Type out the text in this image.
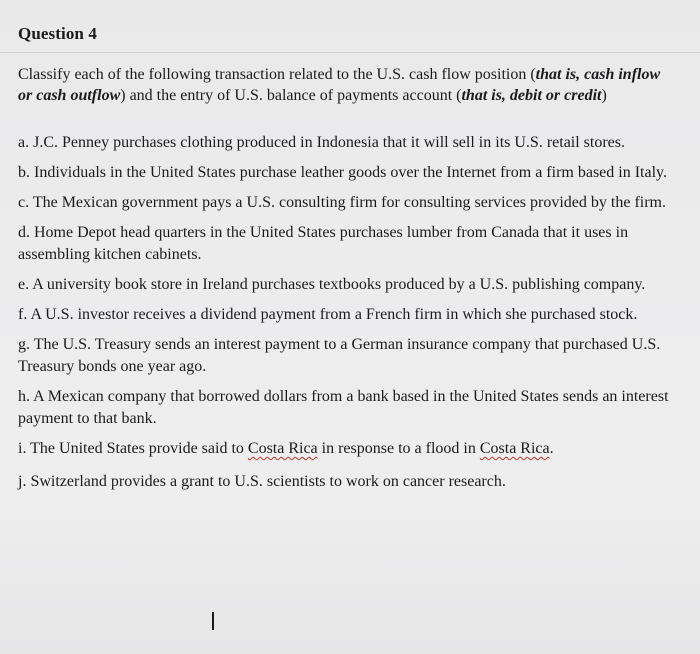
Question 4
Classify each of the following transaction related to the U.S. cash flow position (that is, cash inflow or cash outflow) and the entry of U.S. balance of payments account (that is, debit or credit)
a. J.C. Penney purchases clothing produced in Indonesia that it will sell in its U.S. retail stores.
b. Individuals in the United States purchase leather goods over the Internet from a firm based in Italy.
c. The Mexican government pays a U.S. consulting firm for consulting services provided by the firm.
d. Home Depot head quarters in the United States purchases lumber from Canada that it uses in assembling kitchen cabinets.
e. A university book store in Ireland purchases textbooks produced by a U.S. publishing company.
f. A U.S. investor receives a dividend payment from a French firm in which she purchased stock.
g. The U.S. Treasury sends an interest payment to a German insurance company that purchased U.S. Treasury bonds one year ago.
h. A Mexican company that borrowed dollars from a bank based in the United States sends an interest payment to that bank.
i. The United States provide said to Costa Rica in response to a flood in Costa Rica.
j. Switzerland provides a grant to U.S. scientists to work on cancer research.
